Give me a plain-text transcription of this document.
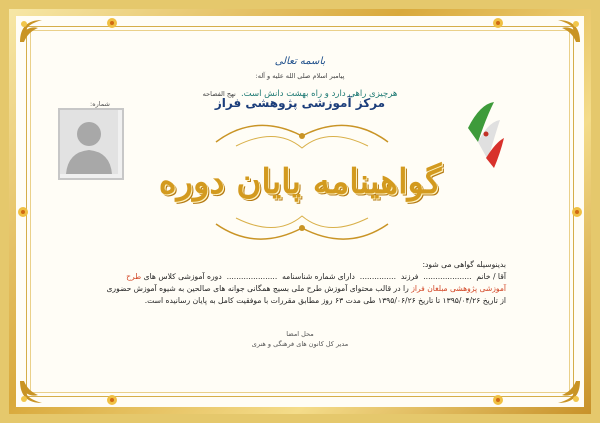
باسمه تعالی
پیامبر اسلام صلی الله علیه و آله:
هرچیزی راهی دارد و راه بهشت دانش است. نهج الفصاحه
مرکز آموزشی پژوهشی فراز
شماره:
گواهینامه پایان دوره
بدینوسیله گواهی می شود:
آقا / خانم  ....................  فرزند  ...............  دارای شماره شناسنامه  .....................  دوره آموزشی کلاس های طرح
آموزشی پژوهشی مبلغان فراز را در قالب محتوای آموزش طرح ملی بسیج همگانی جوانه های صالحین به شیوه آموزش حضوری
از تاریخ ۱۳۹۵/۰۴/۲۶ تا تاریخ ۱۳۹۵/۰۶/۲۶ طی مدت ۶۳ روز مطابق مقررات با موفقیت کامل به پایان رسانیده است.
محل امضا
مدیر کل کانون های فرهنگی و هنری
